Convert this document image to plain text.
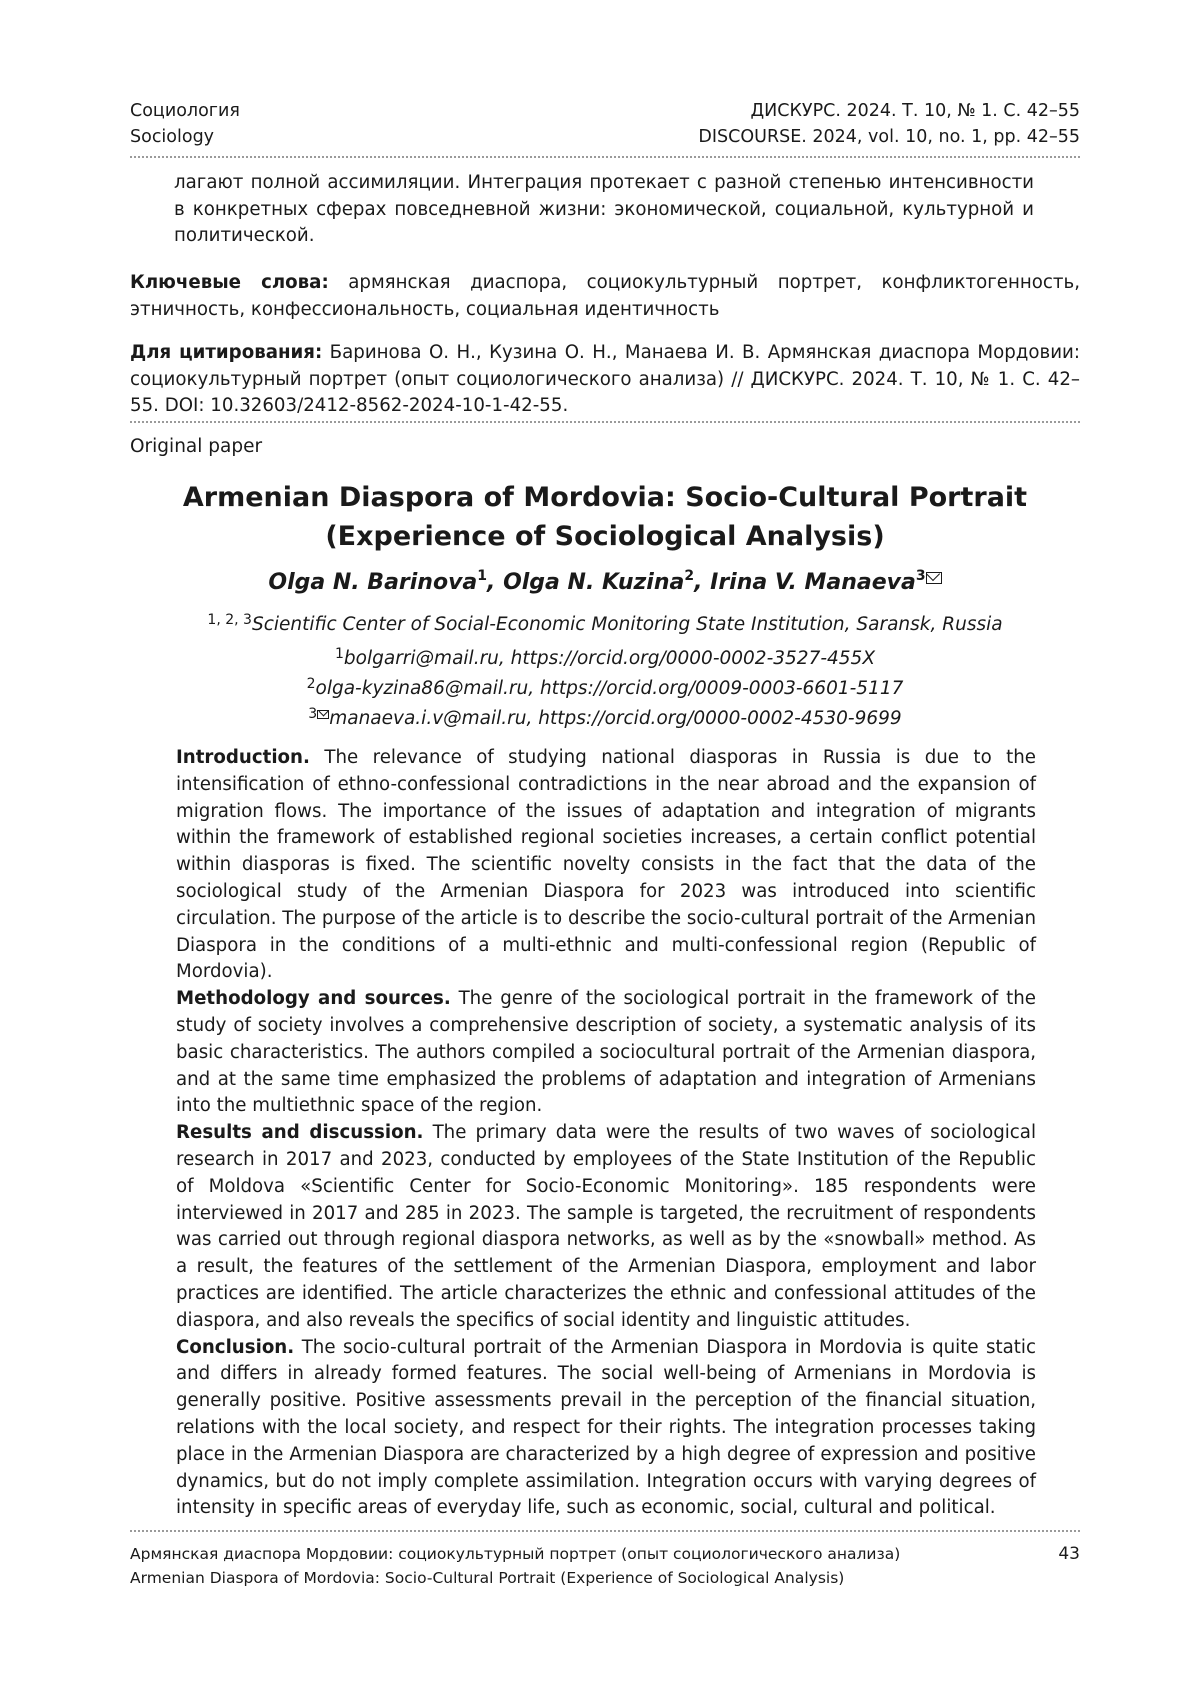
Социология	ДИСКУРС. 2024. Т. 10, № 1. С. 42–55
Sociology	DISCOURSE. 2024, vol. 10, no. 1, pp. 42–55
лагают полной ассимиляции. Интеграция протекает с разной степенью интенсивности в конкретных сферах повседневной жизни: экономической, социальной, культурной и политической.
Ключевые слова: армянская диаспора, социокультурный портрет, конфликтогенность, этничность, конфессиональность, социальная идентичность
Для цитирования: Баринова О. Н., Кузина О. Н., Манаева И. В. Армянская диаспора Мордовии: социокультурный портрет (опыт социологического анализа) // ДИСКУРС. 2024. Т. 10, № 1. С. 42–55. DOI: 10.32603/2412-8562-2024-10-1-42-55.
Original paper
Armenian Diaspora of Mordovia: Socio-Cultural Portrait
(Experience of Sociological Analysis)
Olga N. Barinova$^1$, Olga N. Kuzina$^2$, Irina V. Manaeva$^3$
$^{1, 2, 3}$Scientific Center of Social-Economic Monitoring State Institution, Saransk, Russia
$^1$bolgarri@mail.ru, https://orcid.org/0000-0002-3527-455X
$^2$olga-kyzina86@mail.ru, https://orcid.org/0009-0003-6601-5117
$^3$ manaeva.i.v@mail.ru, https://orcid.org/0000-0002-4530-9699

Introduction. The relevance of studying national diasporas in Russia is due to the intensification of ethno-confessional contradictions in the near abroad and the expansion of migration flows. The importance of the issues of adaptation and integration of migrants within the framework of established regional societies increases, a certain conflict potential within diasporas is fixed. The scientific novelty consists in the fact that the data of the sociological study of the Armenian Diaspora for 2023 was introduced into scientific circulation. The purpose of the article is to describe the socio-cultural portrait of the Armenian Diaspora in the conditions of a multi-ethnic and multi-confessional region (Republic of Mordovia).

Methodology and sources. The genre of the sociological portrait in the framework of the study of society involves a comprehensive description of society, a systematic analysis of its basic characteristics. The authors compiled a sociocultural portrait of the Armenian diaspora, and at the same time emphasized the problems of adaptation and integration of Armenians into the multiethnic space of the region.

Results and discussion. The primary data were the results of two waves of sociological research in 2017 and 2023, conducted by employees of the State Institution of the Republic of Moldova «Scientific Center for Socio-Economic Monitoring». 185 respondents were interviewed in 2017 and 285 in 2023. The sample is targeted, the recruitment of respondents was carried out through regional diaspora networks, as well as by the «snowball» method. As a result, the features of the settlement of the Armenian Diaspora, employment and labor practices are identified. The article characterizes the ethnic and confessional attitudes of the diaspora, and also reveals the specifics of social identity and linguistic attitudes.

Conclusion. The socio-cultural portrait of the Armenian Diaspora in Mordovia is quite static and differs in already formed features. The social well-being of Armenians in Mordovia is generally positive. Positive assessments prevail in the perception of the financial situation, relations with the local society, and respect for their rights. The integration processes taking place in the Armenian Diaspora are characterized by a high degree of expression and positive dynamics, but do not imply complete assimilation. Integration occurs with varying degrees of intensity in specific areas of everyday life, such as economic, social, cultural and political.

Армянская диаспора Мордовии: социокультурный портрет (опыт социологического анализа)	43
Armenian Diaspora of Mordovia: Socio-Cultural Portrait (Experience of Sociological Analysis)
